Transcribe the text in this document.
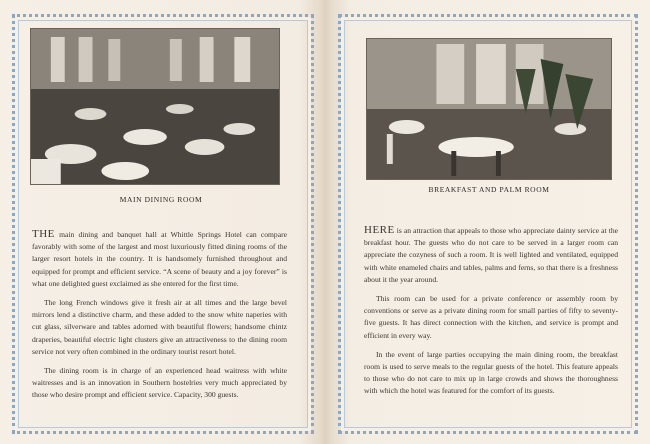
MAIN DINING ROOM

THE main dining and banquet hall at Whittle Springs Hotel can compare favorably with some of the largest and most luxuriously fitted dining rooms of the larger resort hotels in the country. It is handsomely furnished throughout and equipped for prompt and efficient service. “A scene of beauty and a joy forever” is what one delighted guest exclaimed as she entered for the first time.

The long French windows give it fresh air at all times and the large bevel mirrors lend a distinctive charm, and these added to the snow white naperies with cut glass, silverware and tables adorned with beautiful flowers; handsome chintz draperies, beautiful electric light clusters give an attractiveness to the dining room service not very often combined in the ordinary tourist resort hotel.

The dining room is in charge of an experienced head waitress with white waitresses and is an innovation in Southern hostelries very much appreciated by those who desire prompt and efficient service. Capacity, 300 guests.

BREAKFAST AND PALM ROOM

HERE is an attraction that appeals to those who appreciate dainty service at the breakfast hour. The guests who do not care to be served in a larger room can appreciate the cozyness of such a room. It is well lighted and ventilated, equipped with white enameled chairs and tables, palms and ferns, so that there is a freshness about it the year around.

This room can be used for a private conference or assembly room by conventions or serve as a private dining room for small parties of fifty to seventy-five guests. It has direct connection with the kitchen, and service is prompt and efficient in every way.

In the event of large parties occupying the main dining room, the breakfast room is used to serve meals to the regular guests of the hotel. This feature appeals to those who do not care to mix up in large crowds and shows the thoroughness with which the hotel was featured for the comfort of its guests.
